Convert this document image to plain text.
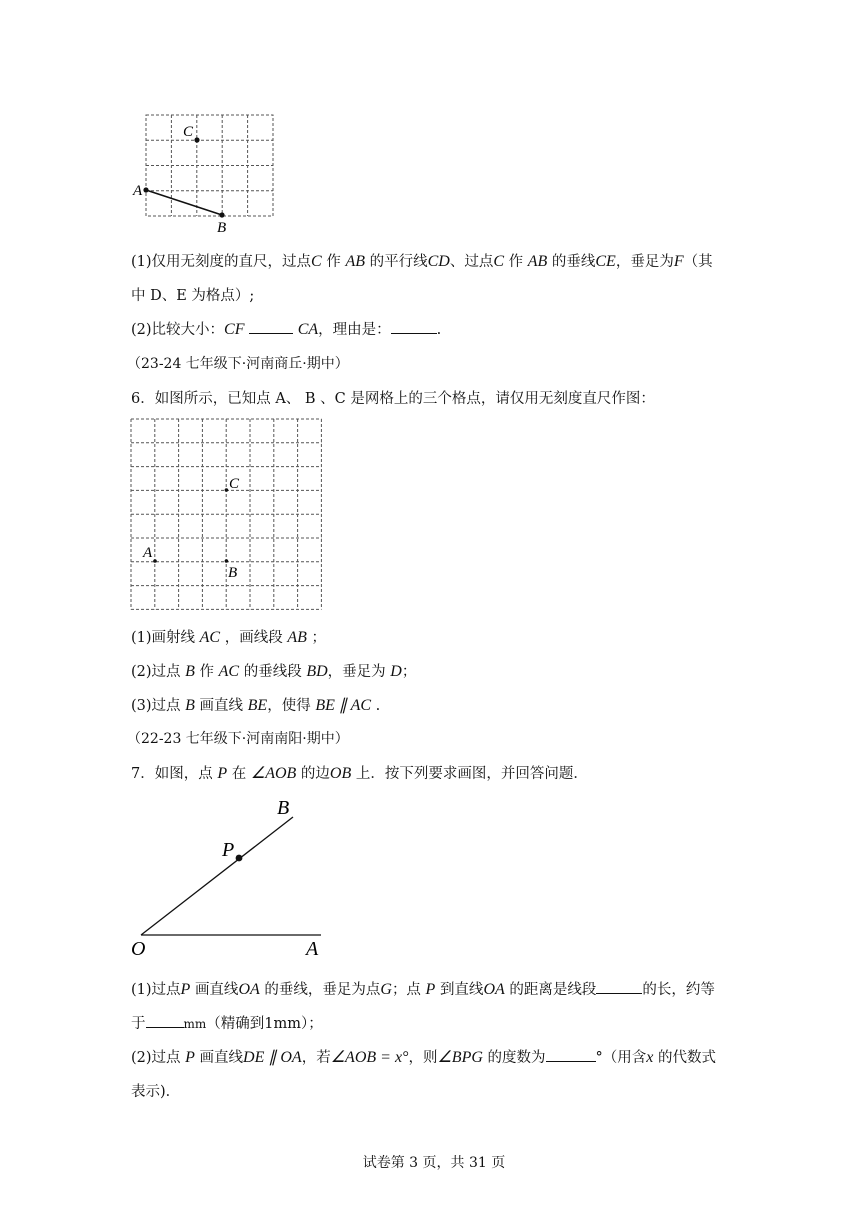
C
A
B
(1)仅用无刻度的直尺，过点C 作 AB 的平行线CD、过点C 作 AB 的垂线CE，垂足为F（其
中 D、E 为格点）;
(2)比较大小：CF	CA，理由是：	.
（23-24 七年级下·河南商丘·期中）
6．如图所示，已知点 A、 B 、C 是网格上的三个格点，请仅用无刻度直尺作图：
C
A
B
(1)画射线 AC ，画线段 AB ；
(2)过点 B 作 AC 的垂线段 BD，垂足为 D；
(3)过点 B 画直线 BE，使得 BE ∥ AC .
（22-23 七年级下·河南南阳·期中）
7．如图，点 P 在 ∠AOB 的边OB 上．按下列要求画图，并回答问题．
B
P
O	A
(1)过点P 画直线OA 的垂线，垂足为点G；点 P 到直线OA 的距离是线段	的长，约等
于	mm（精确到1mm）；
(2)过点 P 画直线DE ∥ OA，若∠AOB = x°，则∠BPG 的度数为	°（用含x 的代数式
表示)．
试卷第 3 页，共 31 页
